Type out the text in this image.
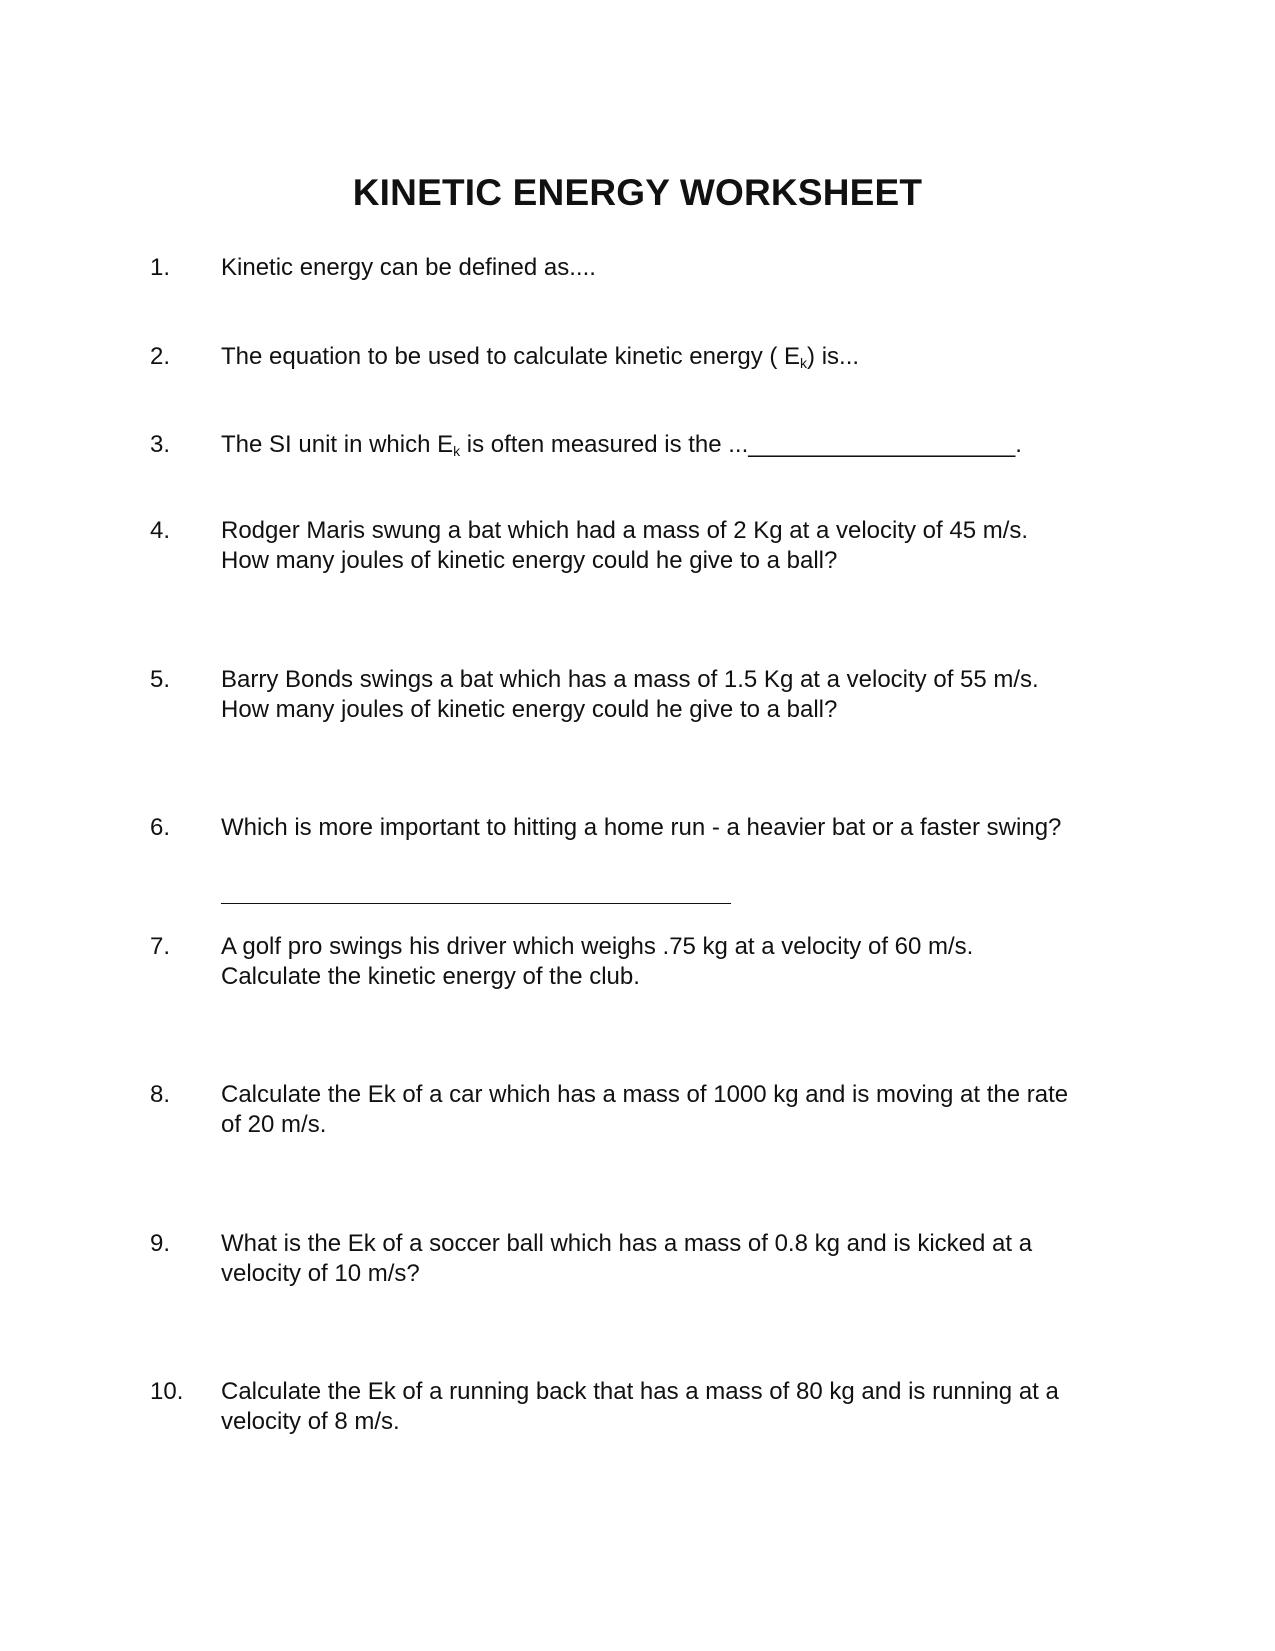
KINETIC ENERGY WORKSHEET
1. Kinetic energy can be defined as....
2. The equation to be used to calculate kinetic energy ( $E_k$) is...
3. The SI unit in which $E_k$ is often measured is the ...____________________.
4. Rodger Maris swung a bat which had a mass of 2 Kg at a velocity of 45 m/s.
How many joules of kinetic energy could he give to a ball?
5. Barry Bonds swings a bat which has a mass of 1.5 Kg at a velocity of 55 m/s.
How many joules of kinetic energy could he give to a ball?
6. Which is more important to hitting a home run - a heavier bat or a faster swing?
7. A golf pro swings his driver which weighs .75 kg at a velocity of 60 m/s.
Calculate the kinetic energy of the club.
8. Calculate the Ek of a car which has a mass of 1000 kg and is moving at the rate
of 20 m/s.
9. What is the Ek of a soccer ball which has a mass of 0.8 kg and is kicked at a
velocity of 10 m/s?
10. Calculate the Ek of a running back that has a mass of 80 kg and is running at a
velocity of 8 m/s.
